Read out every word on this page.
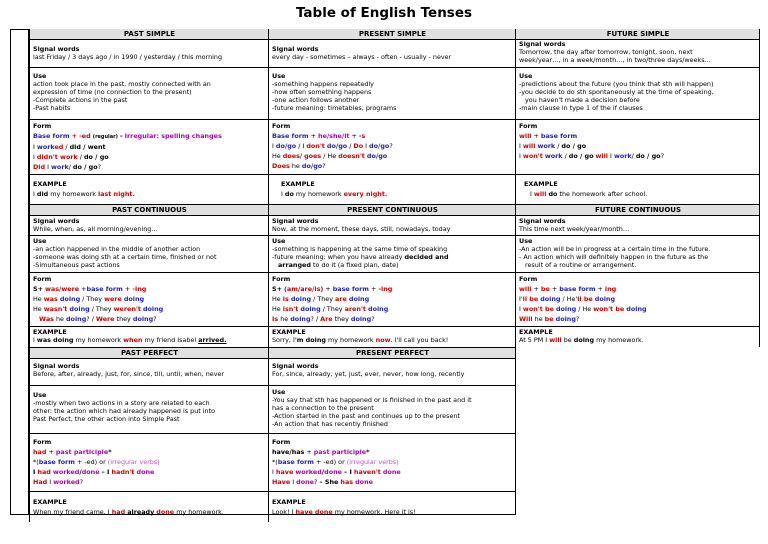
Table of English Tenses
PAST SIMPLE
Signal words
last Friday / 3 days ago / in 1990 / yesterday / this morning
Use
action took place in the past, mostly connected with an
expression of time (no connection to the present)
-Complete actions in the past
-Past habits
Form
Base form + -ed (regular) - Irregular: spelling changes
I worked / did / went
I didn't work / do / go
Did I work/ do / go?
EXAMPLE
I did my homework last night.
PAST CONTINUOUS
Signal words
While, when, as, all morning/evening…
Use
-an action happened in the middle of another action
-someone was doing sth at a certain time, finished or not
-Simultaneous past actions
Form
S+ was/were +base form + -ing
He was doing / They were doing
He wasn't doing / They weren't doing
Was he doing? / Were they doing?
EXAMPLE
I was doing my homework when my friend Isabel arrived.
PAST PERFECT
Signal words
Before, after, already, just, for, since, till, until, when, never
Use
-mostly when two actions in a story are related to each
other: the action which had already happened is put into
Past Perfect, the other action into Simple Past
Form
had + past participle*
*(base form + -ed) or (irregular verbs)
I had worked/done – I hadn't done
Had I worked?
EXAMPLE
When my friend came, I had already done my homework.
PRESENT SIMPLE
Signal words
every day - sometimes – always - often - usually - never
Use
-something happens repeatedly
-how often something happens
-one action follows another
-future meaning: timetables, programs
Form
Base form + he/she/it + -s
I do/go / I don't do/go / Do I do/go?
He does/ goes / He doesn't do/go
Does he do/go?
EXAMPLE
I do my homework every night.
PRESENT CONTINUOUS
Signal words
Now, at the moment, these days, still, nowadays, today
Use
-something is happening at the same time of speaking
-future meaning: when you have already decided and
arranged to do it (a fixed plan, date)
Form
S+ (am/are/is) + base form + -ing
He is doing / They are doing
He isn't doing / They aren't doing
Is he doing? / Are they doing?
EXAMPLE
Sorry, I'm doing my homework now. I'll call you back!
PRESENT PERFECT
Signal words
For, since, already, yet, just, ever, never, how long, recently
Use
-You say that sth has happened or is finished in the past and it
has a connection to the present
-Action started in the past and continues up to the present
-An action that has recently finished
Form
have/has + past participle*
*(base form + -ed) or (irregular verbs)
I have worked/done – I haven't done
Have I done? – She has done
EXAMPLE
Look! I have done my homework. Here it is!
FUTURE SIMPLE
Signal words
Tomorrow, the day after tomorrow, tonight, soon, next
week/year…, in a week/month…, in two/three days/weeks…
Use
-predictions about the future (you think that sth will happen)
-you decide to do sth spontaneously at the time of speaking,
you haven't made a decision before
-main clause in type 1 of the if clauses
Form
will + base form
I will work / do / go
I won't work / do / go will I work/ do / go?
EXAMPLE
I will do the homework after school.
FUTURE CONTINUOUS
Signal words
This time next week/year/month…
Use
-An action will be in progress at a certain time in the future.
- An action which will definitely happen in the future as the
result of a routine or arrangement.
Form
will + be + base form + ing
I'll be doing / He'll be doing
I won't be doing / He won't be doing
Will he be doing?
EXAMPLE
At 5 PM I will be doing my homework.
